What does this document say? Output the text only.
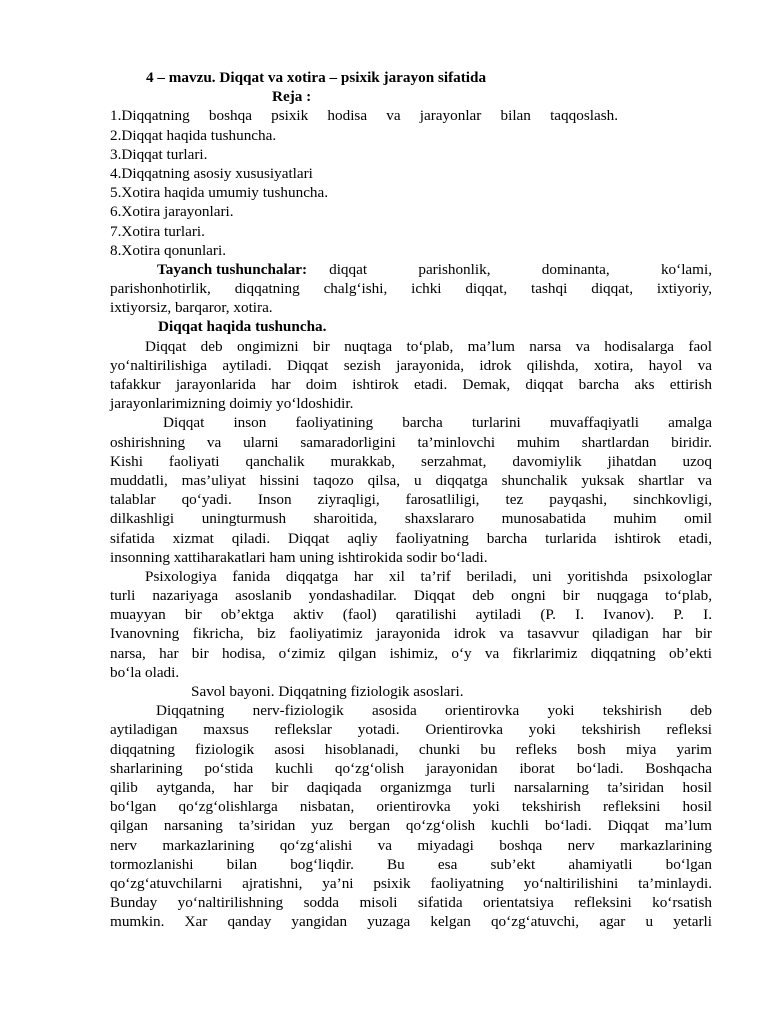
4 – mavzu. Diqqat va xotira – psixik jarayon sifatida
Reja :
1.Diqqatning boshqa psixik hodisa va jarayonlar bilan taqqoslash.
2.Diqqat haqida tushuncha.
3.Diqqat turlari.
4.Diqqatning asosiy xususiyatlari
5.Xotira haqida umumiy tushuncha.
6.Xotira jarayonlari.
7.Xotira turlari.
8.Xotira qonunlari.
Tayanch tushunchalar: diqqat parishonlik, dominanta, ko‘lami,
parishonhotirlik, diqqatning chalg‘ishi, ichki diqqat, tashqi diqqat, ixtiyoriy,
ixtiyorsiz, barqaror, xotira.
Diqqat haqida tushuncha.
Diqqat deb ongimizni bir nuqtaga to‘plab, ma’lum narsa va hodisalarga faol
yo‘naltirilishiga aytiladi. Diqqat sezish jarayonida, idrok qilishda, xotira, hayol va
tafakkur jarayonlarida har doim ishtirok etadi. Demak, diqqat barcha aks ettirish
jarayonlarimizning doimiy yo‘ldoshidir.
Diqqat inson faoliyatining barcha turlarini muvaffaqiyatli amalga
oshirishning va ularni samaradorligini ta’minlovchi muhim shartlardan biridir.
Kishi faoliyati qanchalik murakkab, serzahmat, davomiylik jihatdan uzoq
muddatli, mas’uliyat hissini taqozo qilsa, u diqqatga shunchalik yuksak shartlar va
talablar qo‘yadi. Inson ziyraqligi, farosatliligi, tez payqashi, sinchkovligi,
dilkashligi uningturmush sharoitida, shaxslararo munosabatida muhim omil
sifatida xizmat qiladi. Diqqat aqliy faoliyatning barcha turlarida ishtirok etadi,
insonning xattiharakatlari ham uning ishtirokida sodir bo‘ladi.
Psixologiya fanida diqqatga har xil ta’rif beriladi, uni yoritishda psixologlar
turli nazariyaga asoslanib yondashadilar. Diqqat deb ongni bir nuqgaga to‘plab,
muayyan bir ob’ektga aktiv (faol) qaratilishi aytiladi (P. I. Ivanov). P. I.
Ivanovning fikricha, biz faoliyatimiz jarayonida idrok va tasavvur qiladigan har bir
narsa, har bir hodisa, o‘zimiz qilgan ishimiz, o‘y va fikrlarimiz diqqatning ob’ekti
bo‘la oladi.
Savol bayoni. Diqqatning fiziologik asoslari.
Diqqatning nerv-fiziologik asosida orientirovka yoki tekshirish deb
aytiladigan maxsus reflekslar yotadi. Orientirovka yoki tekshirish refleksi
diqqatning fiziologik asosi hisoblanadi, chunki bu refleks bosh miya yarim
sharlarining po‘stida kuchli qo‘zg‘olish jarayonidan iborat bo‘ladi. Boshqacha
qilib aytganda, har bir daqiqada organizmga turli narsalarning ta’siridan hosil
bo‘lgan qo‘zg‘olishlarga nisbatan, orientirovka yoki tekshirish refleksini hosil
qilgan narsaning ta’siridan yuz bergan qo‘zg‘olish kuchli bo‘ladi. Diqqat ma’lum
nerv markazlarining qo‘zg‘alishi va miyadagi boshqa nerv markazlarining
tormozlanishi bilan bog‘liqdir. Bu esa sub’ekt ahamiyatli bo‘lgan
qo‘zg‘atuvchilarni ajratishni, ya’ni psixik faoliyatning yo‘naltirilishini ta’minlaydi.
Bunday yo‘naltirilishning sodda misoli sifatida orientatsiya refleksini ko‘rsatish
mumkin. Xar qanday yangidan yuzaga kelgan qo‘zg‘atuvchi, agar u yetarli
